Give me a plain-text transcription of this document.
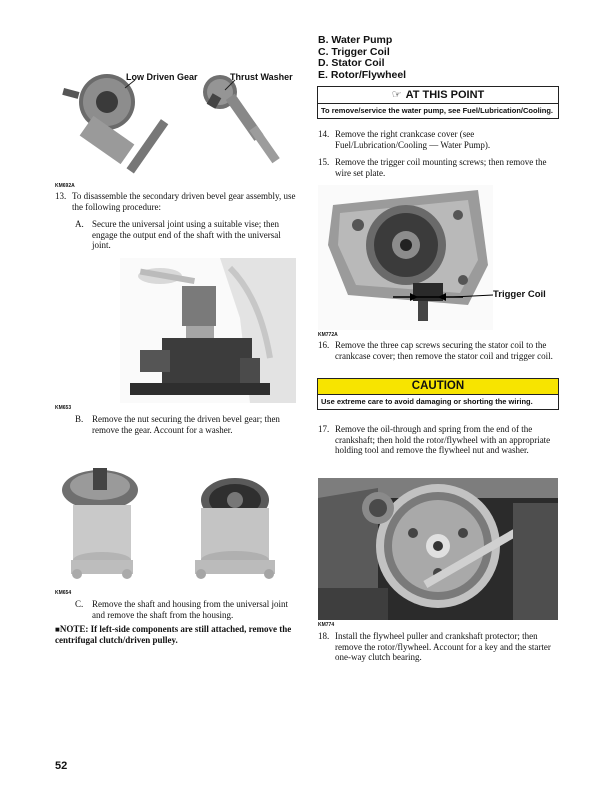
Low Driven Gear	Thrust Washer
KM692A
13. To disassemble the secondary driven bevel gear assembly, use the following procedure:
A. Secure the universal joint using a suitable vise; then engage the output end of the shaft with the universal joint.
KM653
B. Remove the nut securing the driven bevel gear; then remove the gear. Account for a washer.
KM654
C. Remove the shaft and housing from the universal joint and remove the shaft from the housing.
■NOTE: If left-side components are still attached, remove the centrifugal clutch/driven pulley.
B. Water Pump
C. Trigger Coil
D. Stator Coil
E. Rotor/Flywheel
☞ AT THIS POINT
To remove/service the water pump, see Fuel/Lubrication/Cooling.
14. Remove the right crankcase cover (see Fuel/Lubrication/Cooling — Water Pump).
15. Remove the trigger coil mounting screws; then remove the wire set plate.
Trigger Coil
KM772A
16. Remove the three cap screws securing the stator coil to the crankcase cover; then remove the stator coil and trigger coil.
CAUTION
Use extreme care to avoid damaging or shorting the wiring.
17. Remove the oil-through and spring from the end of the crankshaft; then hold the rotor/flywheel with an appropriate holding tool and remove the flywheel nut and washer.
KM774
18. Install the flywheel puller and crankshaft protector; then remove the rotor/flywheel. Account for a key and the starter one-way clutch bearing.
52
